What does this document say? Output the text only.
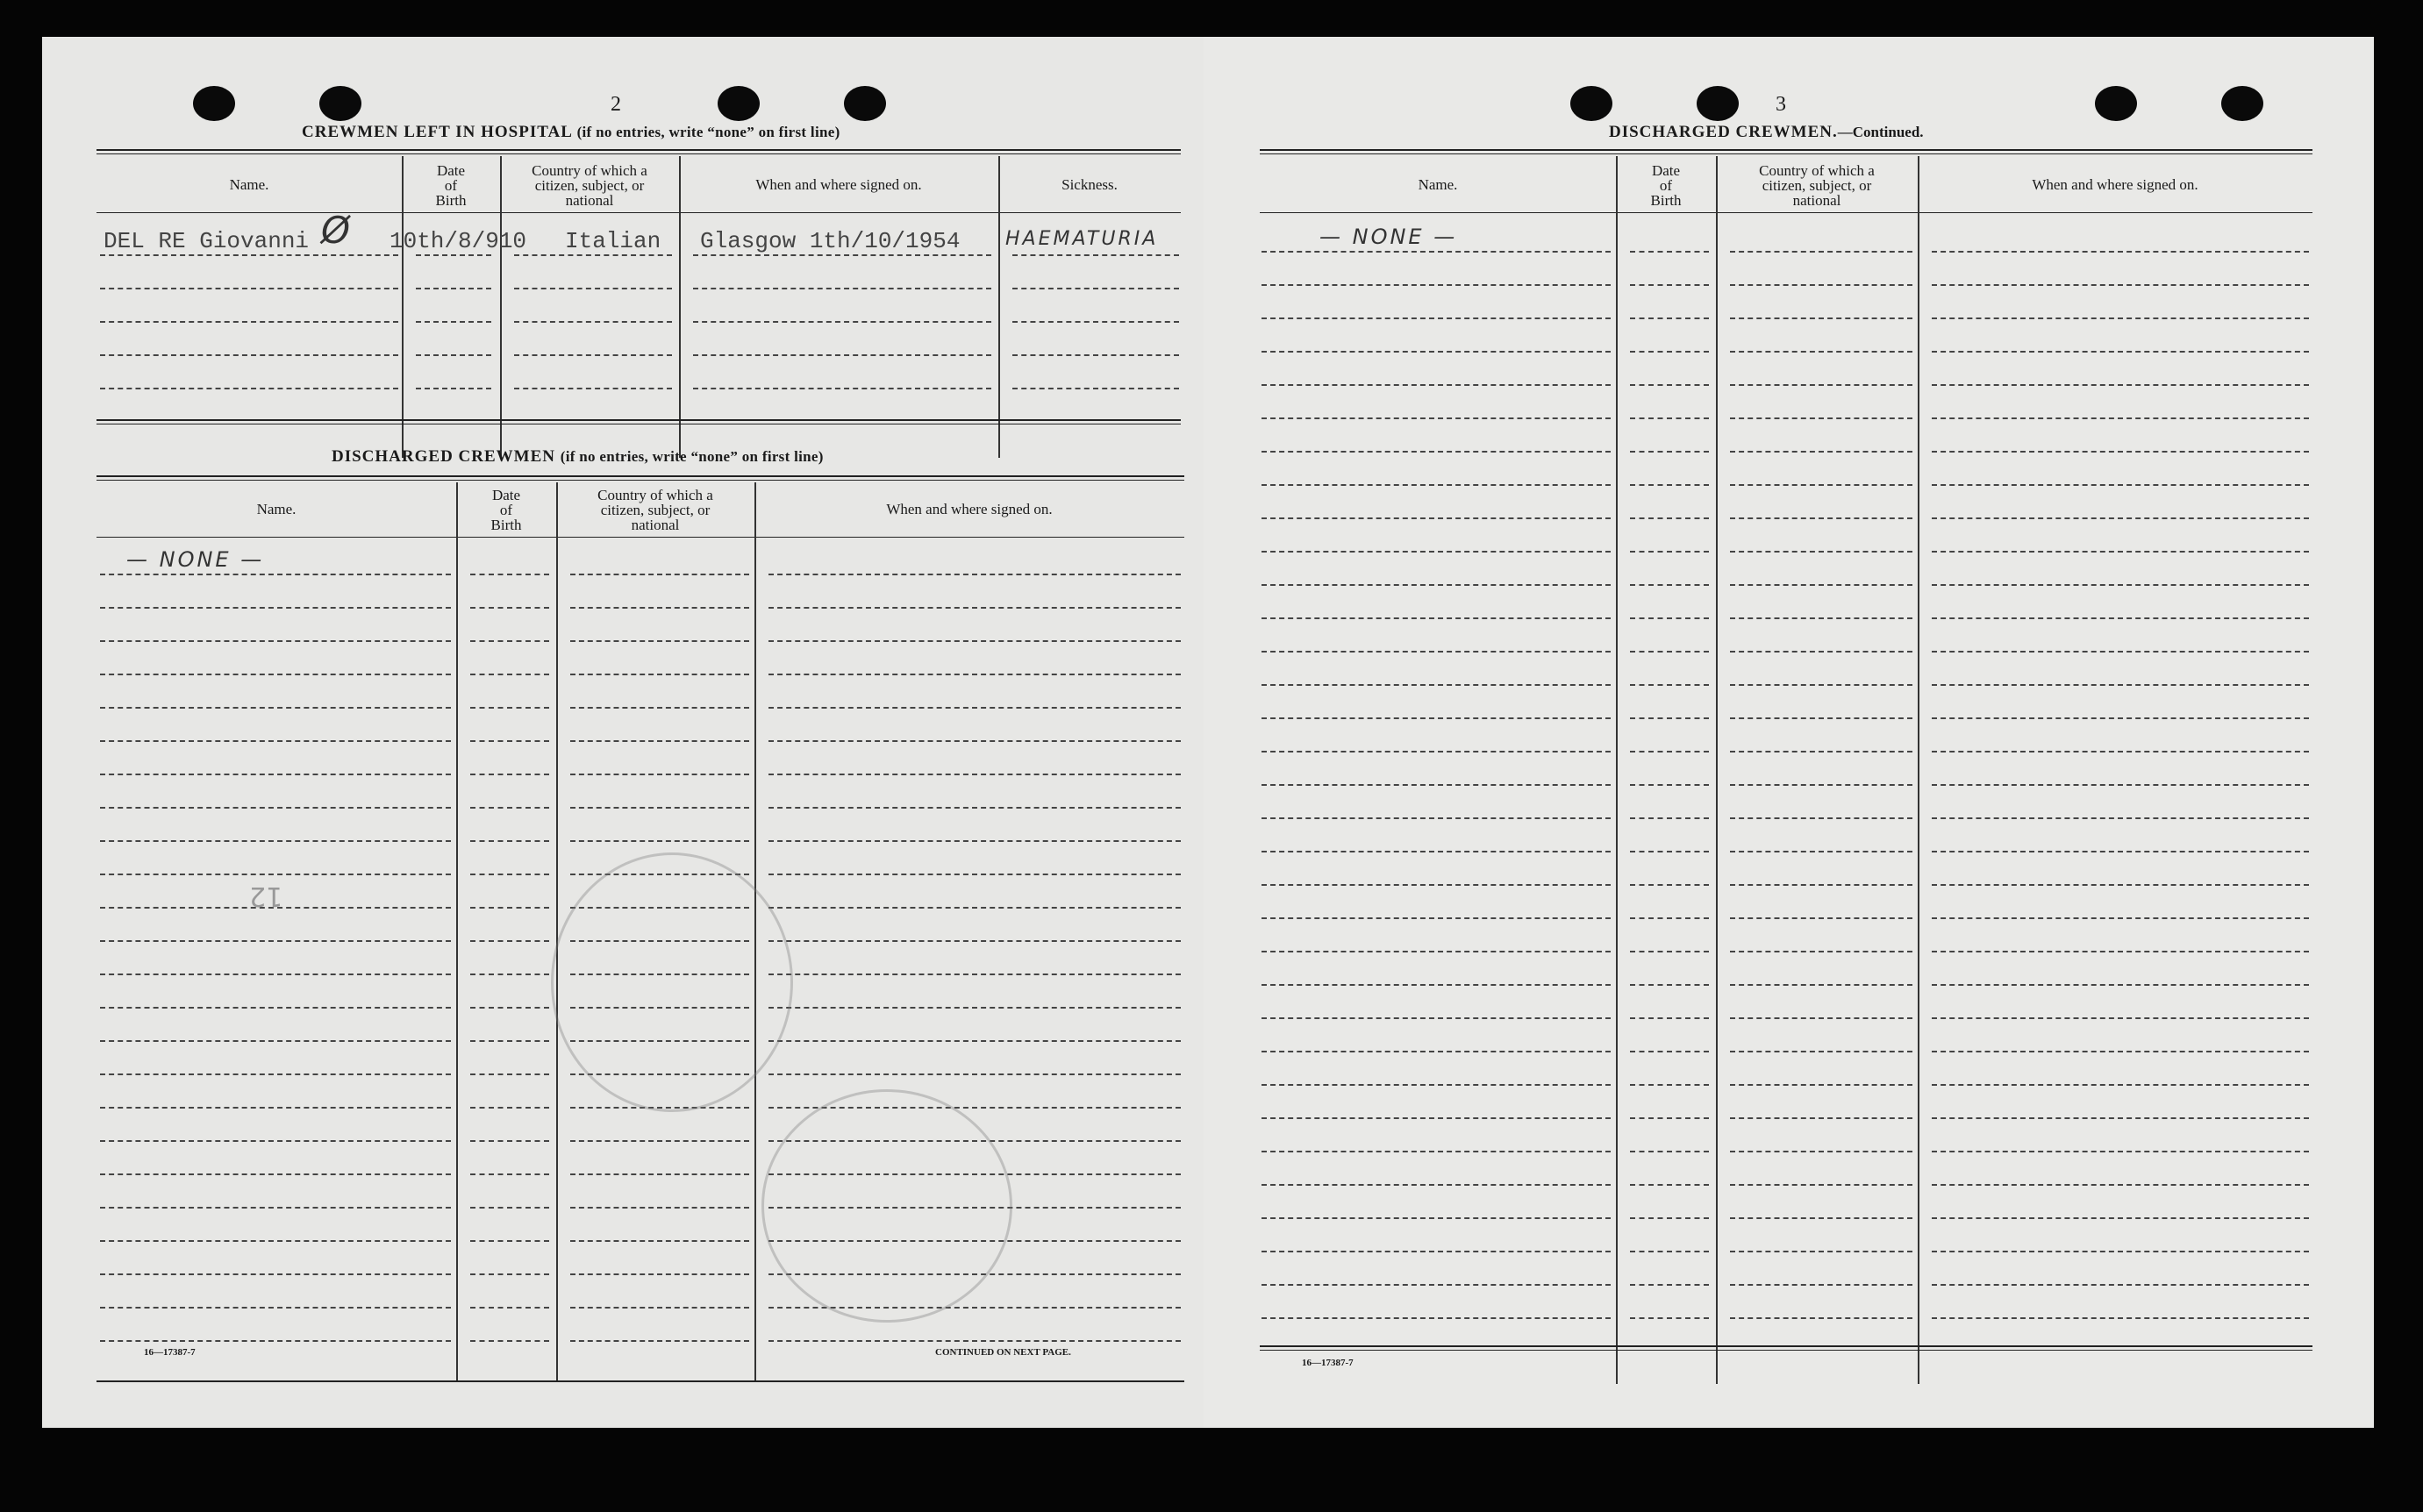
2
CREWMEN LEFT IN HOSPITAL (if no entries, write “none” on first line)
Name.
Date
of
Birth
Country of which a
citizen, subject, or
national
When and where signed on.	Sickness.
DEL RE Giovanni Ø 10th/8/910 Italian Glasgow 1th/10/1954 HAEMATURIA
DISCHARGED CREWMEN (if no entries, write “none” on first line)
Name.
Date
of
Birth
Country of which a
citizen, subject, or
national
When and where signed on.
— NONE —
12
16—17387-7	CONTINUED ON NEXT PAGE.
3
DISCHARGED CREWMEN.—Continued.
Name.
Date
of
Birth
Country of which a
citizen, subject, or
national
When and where signed on.
— NONE —
16—17387-7
